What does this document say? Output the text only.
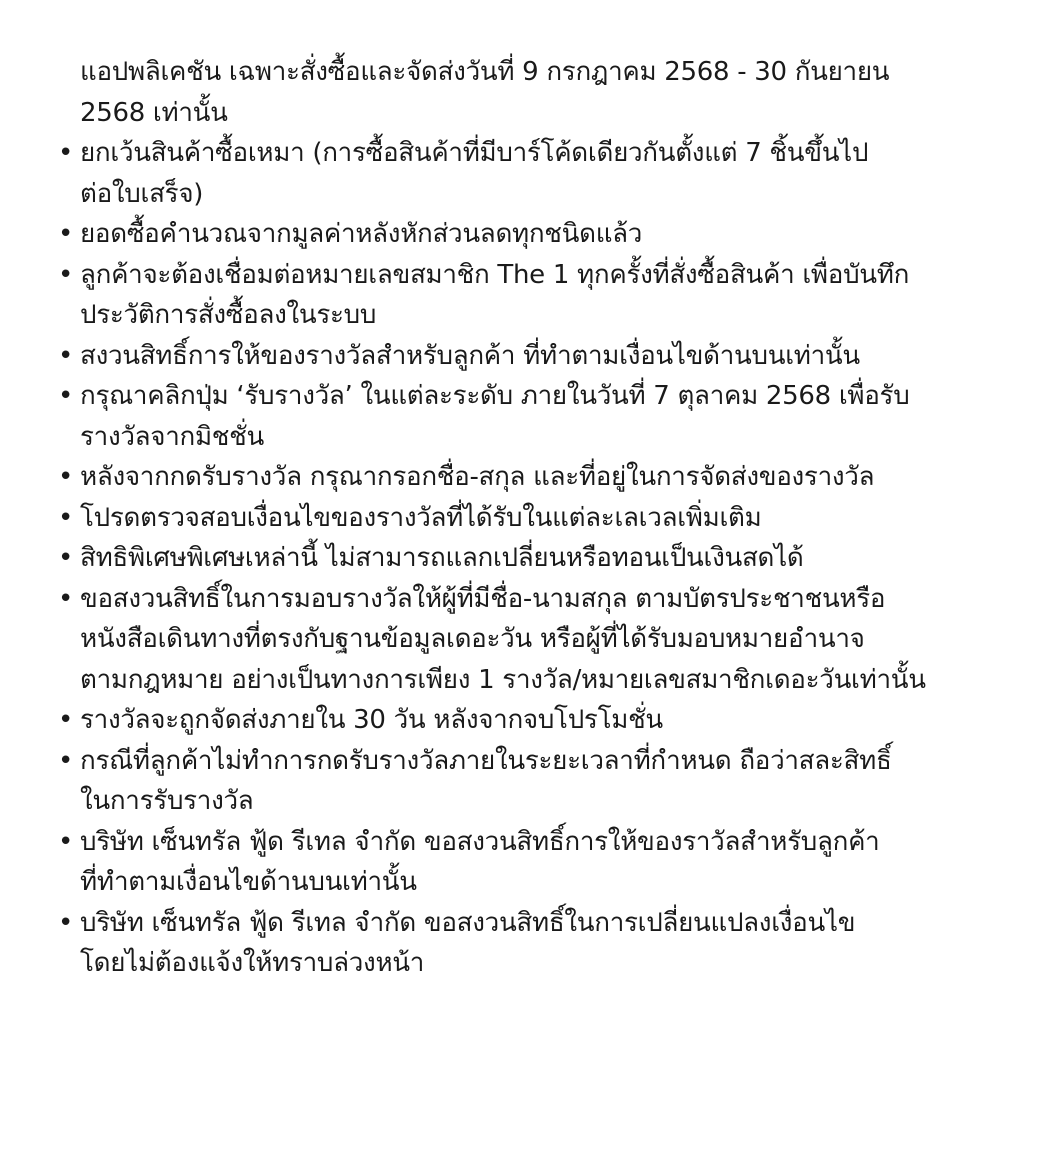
แอปพลิเคชัน เฉพาะสั่งซื้อและจัดส่งวันที่ 9 กรกฎาคม 2568 - 30 กันยายน
2568 เท่านั้น
• ยกเว้นสินค้าซื้อเหมา (การซื้อสินค้าที่มีบาร์โค้ดเดียวกันตั้งแต่ 7 ชิ้นขึ้นไป
ต่อใบเสร็จ)
• ยอดซื้อคำนวณจากมูลค่าหลังหักส่วนลดทุกชนิดแล้ว
• ลูกค้าจะต้องเชื่อมต่อหมายเลขสมาชิก The 1 ทุกครั้งที่สั่งซื้อสินค้า เพื่อบันทึก
ประวัติการสั่งซื้อลงในระบบ
• สงวนสิทธิ์การให้ของรางวัลสำหรับลูกค้า ที่ทำตามเงื่อนไขด้านบนเท่านั้น
• กรุณาคลิกปุ่ม ‘รับรางวัล’ ในแต่ละระดับ ภายในวันที่ 7 ตุลาคม 2568 เพื่อรับ
รางวัลจากมิชชั่น
• หลังจากกดรับรางวัล กรุณากรอกชื่อ-สกุล และที่อยู่ในการจัดส่งของรางวัล
• โปรดตรวจสอบเงื่อนไขของรางวัลที่ได้รับในแต่ละเลเวลเพิ่มเติม
• สิทธิพิเศษพิเศษเหล่านี้ ไม่สามารถแลกเปลี่ยนหรือทอนเป็นเงินสดได้
• ขอสงวนสิทธิ์ในการมอบรางวัลให้ผู้ที่มีชื่อ-นามสกุล ตามบัตรประชาชนหรือ
หนังสือเดินทางที่ตรงกับฐานข้อมูลเดอะวัน หรือผู้ที่ได้รับมอบหมายอำนาจ
ตามกฎหมาย อย่างเป็นทางการเพียง 1 รางวัล/หมายเลขสมาชิกเดอะวันเท่านั้น
• รางวัลจะถูกจัดส่งภายใน 30 วัน หลังจากจบโปรโมชั่น
• กรณีที่ลูกค้าไม่ทำการกดรับรางวัลภายในระยะเวลาที่กำหนด ถือว่าสละสิทธิ์
ในการรับรางวัล
• บริษัท เซ็นทรัล ฟู้ด รีเทล จำกัด ขอสงวนสิทธิ์การให้ของราวัลสำหรับลูกค้า
ที่ทำตามเงื่อนไขด้านบนเท่านั้น
• บริษัท เซ็นทรัล ฟู้ด รีเทล จำกัด ขอสงวนสิทธิ์ในการเปลี่ยนแปลงเงื่อนไข
โดยไม่ต้องแจ้งให้ทราบล่วงหน้า
